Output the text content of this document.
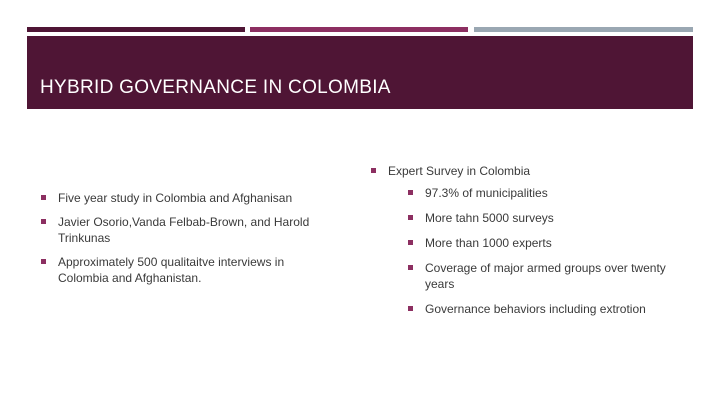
HYBRID GOVERNANCE IN COLOMBIA
Five year study in Colombia and Afghanisan
Javier Osorio,Vanda Felbab-Brown, and Harold Trinkunas
Approximately 500 qualitaitve interviews in Colombia and Afghanistan.
Expert Survey in Colombia
97.3% of municipalities
More tahn 5000 surveys
More than 1000 experts
Coverage of major armed groups over twenty years
Governance behaviors including extrotion
